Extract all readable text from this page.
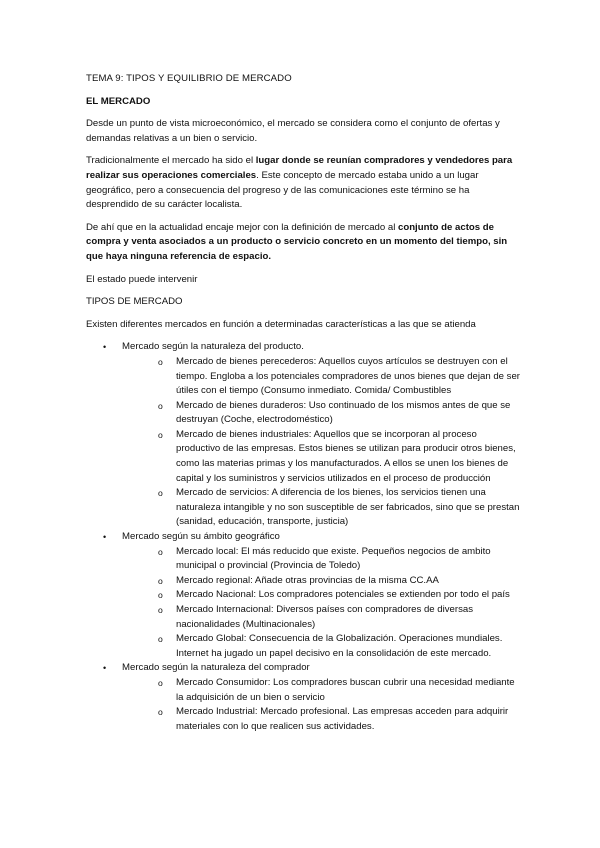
TEMA 9: TIPOS Y EQUILIBRIO DE MERCADO
EL MERCADO

Desde un punto de vista microeconómico, el mercado se considera como el conjunto de ofertas y demandas relativas a un bien o servicio.

Tradicionalmente el mercado ha sido el lugar donde se reunían compradores y vendedores para realizar sus operaciones comerciales. Este concepto de mercado estaba unido a un lugar geográfico, pero a consecuencia del progreso y de las comunicaciones este término se ha desprendido de su carácter localista.

De ahí que en la actualidad encaje mejor con la definición de mercado al conjunto de actos de compra y venta asociados a un producto o servicio concreto en un momento del tiempo, sin que haya ninguna referencia de espacio.

El estado puede intervenir

TIPOS DE MERCADO

Existen diferentes mercados en función a determinadas características a las que se atienda

• Mercado según la naturaleza del producto.
o Mercado de bienes perecederos: Aquellos cuyos artículos se destruyen con el tiempo. Engloba a los potenciales compradores de unos bienes que dejan de ser útiles con el tiempo (Consumo inmediato. Comida/ Combustibles
o Mercado de bienes duraderos: Uso continuado de los mismos antes de que se destruyan (Coche, electrodoméstico)
o Mercado de bienes industriales: Aquellos que se incorporan al proceso productivo de las empresas. Estos bienes se utilizan para producir otros bienes, como las materias primas y los manufacturados. A ellos se unen los bienes de capital y los suministros y servicios utilizados en el proceso de producción
o Mercado de servicios: A diferencia de los bienes, los servicios tienen una naturaleza intangible y no son susceptible de ser fabricados, sino que se prestan (sanidad, educación, transporte, justicia)
• Mercado según su ámbito geográfico
o Mercado local: El más reducido que existe. Pequeños negocios de ambito municipal o provincial (Provincia de Toledo)
o Mercado regional: Añade otras provincias de la misma CC.AA
o Mercado Nacional: Los compradores potenciales se extienden por todo el país
o Mercado Internacional: Diversos países con compradores de diversas nacionalidades (Multinacionales)
o Mercado Global: Consecuencia de la Globalización. Operaciones mundiales. Internet ha jugado un papel decisivo en la consolidación de este mercado.
• Mercado según la naturaleza del comprador
o Mercado Consumidor: Los compradores buscan cubrir una necesidad mediante la adquisición de un bien o servicio
o Mercado Industrial: Mercado profesional. Las empresas acceden para adquirir materiales con lo que realicen sus actividades.
